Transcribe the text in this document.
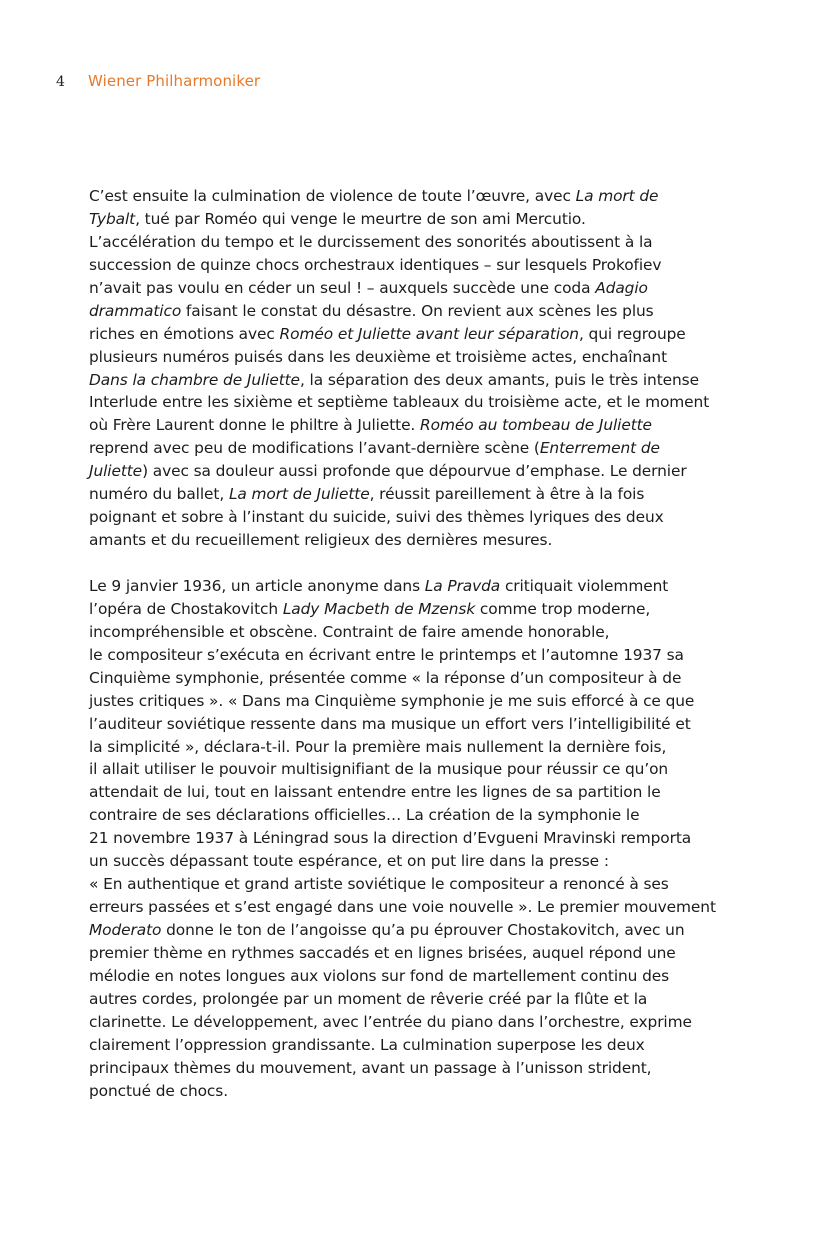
4	Wiener Philharmoniker

C’est ensuite la culmination de violence de toute l’œuvre, avec La mort de
Tybalt, tué par Roméo qui venge le meurtre de son ami Mercutio.
L’accélération du tempo et le durcissement des sonorités aboutissent à la
succession de quinze chocs orchestraux identiques – sur lesquels Prokofiev
n’avait pas voulu en céder un seul ! – auxquels succède une coda Adagio
drammatico faisant le constat du désastre. On revient aux scènes les plus
riches en émotions avec Roméo et Juliette avant leur séparation, qui regroupe
plusieurs numéros puisés dans les deuxième et troisième actes, enchaînant
Dans la chambre de Juliette, la séparation des deux amants, puis le très intense
Interlude entre les sixième et septième tableaux du troisième acte, et le moment
où Frère Laurent donne le philtre à Juliette. Roméo au tombeau de Juliette
reprend avec peu de modifications l’avant-dernière scène (Enterrement de
Juliette) avec sa douleur aussi profonde que dépourvue d’emphase. Le dernier
numéro du ballet, La mort de Juliette, réussit pareillement à être à la fois
poignant et sobre à l’instant du suicide, suivi des thèmes lyriques des deux
amants et du recueillement religieux des dernières mesures.

Le 9 janvier 1936, un article anonyme dans La Pravda critiquait violemment
l’opéra de Chostakovitch Lady Macbeth de Mzensk comme trop moderne,
incompréhensible et obscène. Contraint de faire amende honorable,
le compositeur s’exécuta en écrivant entre le printemps et l’automne 1937 sa
Cinquième symphonie, présentée comme « la réponse d’un compositeur à de
justes critiques ». « Dans ma Cinquième symphonie je me suis efforcé à ce que
l’auditeur soviétique ressente dans ma musique un effort vers l’intelligibilité et
la simplicité », déclara-t-il. Pour la première mais nullement la dernière fois,
il allait utiliser le pouvoir multisignifiant de la musique pour réussir ce qu’on
attendait de lui, tout en laissant entendre entre les lignes de sa partition le
contraire de ses déclarations officielles… La création de la symphonie le
21 novembre 1937 à Léningrad sous la direction d’Evgueni Mravinski remporta
un succès dépassant toute espérance, et on put lire dans la presse :
« En authentique et grand artiste soviétique le compositeur a renoncé à ses
erreurs passées et s’est engagé dans une voie nouvelle ». Le premier mouvement
Moderato donne le ton de l’angoisse qu’a pu éprouver Chostakovitch, avec un
premier thème en rythmes saccadés et en lignes brisées, auquel répond une
mélodie en notes longues aux violons sur fond de martellement continu des
autres cordes, prolongée par un moment de rêverie créé par la flûte et la
clarinette. Le développement, avec l’entrée du piano dans l’orchestre, exprime
clairement l’oppression grandissante. La culmination superpose les deux
principaux thèmes du mouvement, avant un passage à l’unisson strident,
ponctué de chocs.
